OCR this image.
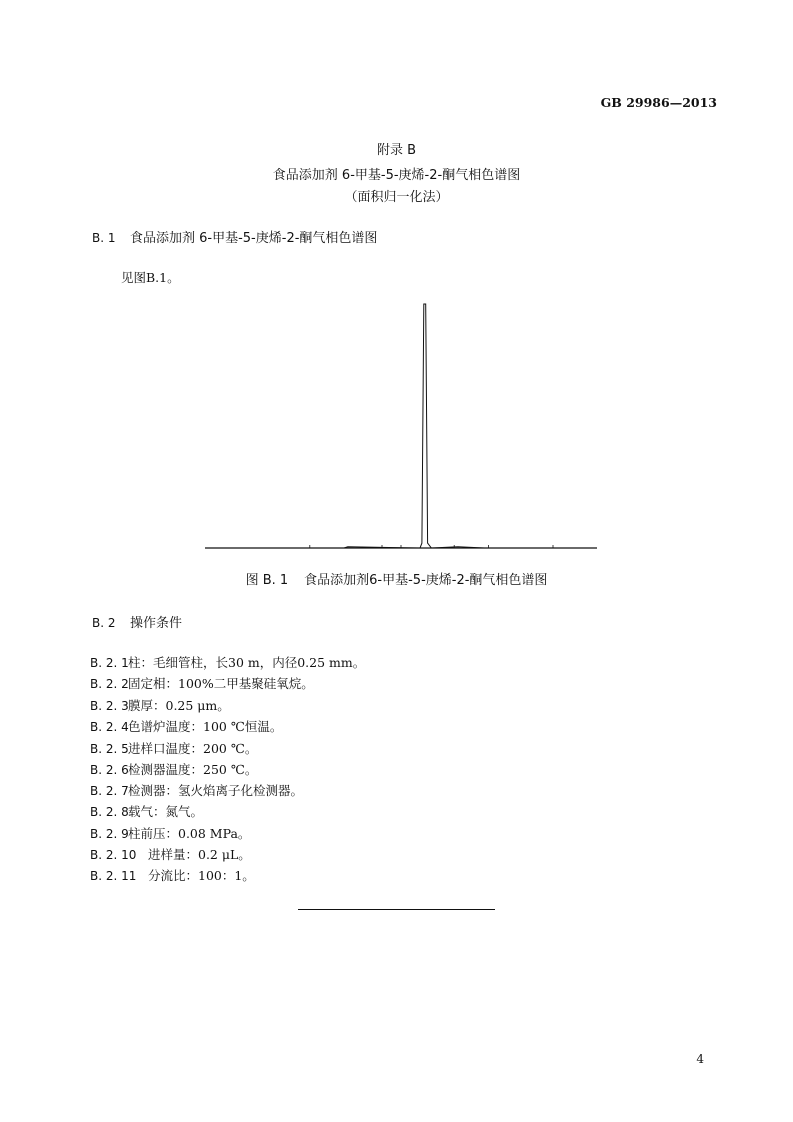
GB 29986—2013
附录 B
食品添加剂 6-甲基-5-庚烯-2-酮气相色谱图
（面积归一化法）
B. 1 食品添加剂 6-甲基-5-庚烯-2-酮气相色谱图
见图B.1。
图 B. 1 食品添加剂6-甲基-5-庚烯-2-酮气相色谱图
B. 2 操作条件
B. 2. 1柱：毛细管柱，长30 m，内径0.25 mm。
B. 2. 2固定相：100%二甲基聚硅氧烷。
B. 2. 3膜厚：0.25 μm。
B. 2. 4色谱炉温度：100 ℃恒温。
B. 2. 5进样口温度：200 ℃。
B. 2. 6检测器温度：250 ℃。
B. 2. 7检测器：氢火焰离子化检测器。
B. 2. 8载气：氮气。
B. 2. 9柱前压：0.08 MPa。
B. 2. 10 进样量：0.2 μL。
B. 2. 11 分流比：100：1。
4
